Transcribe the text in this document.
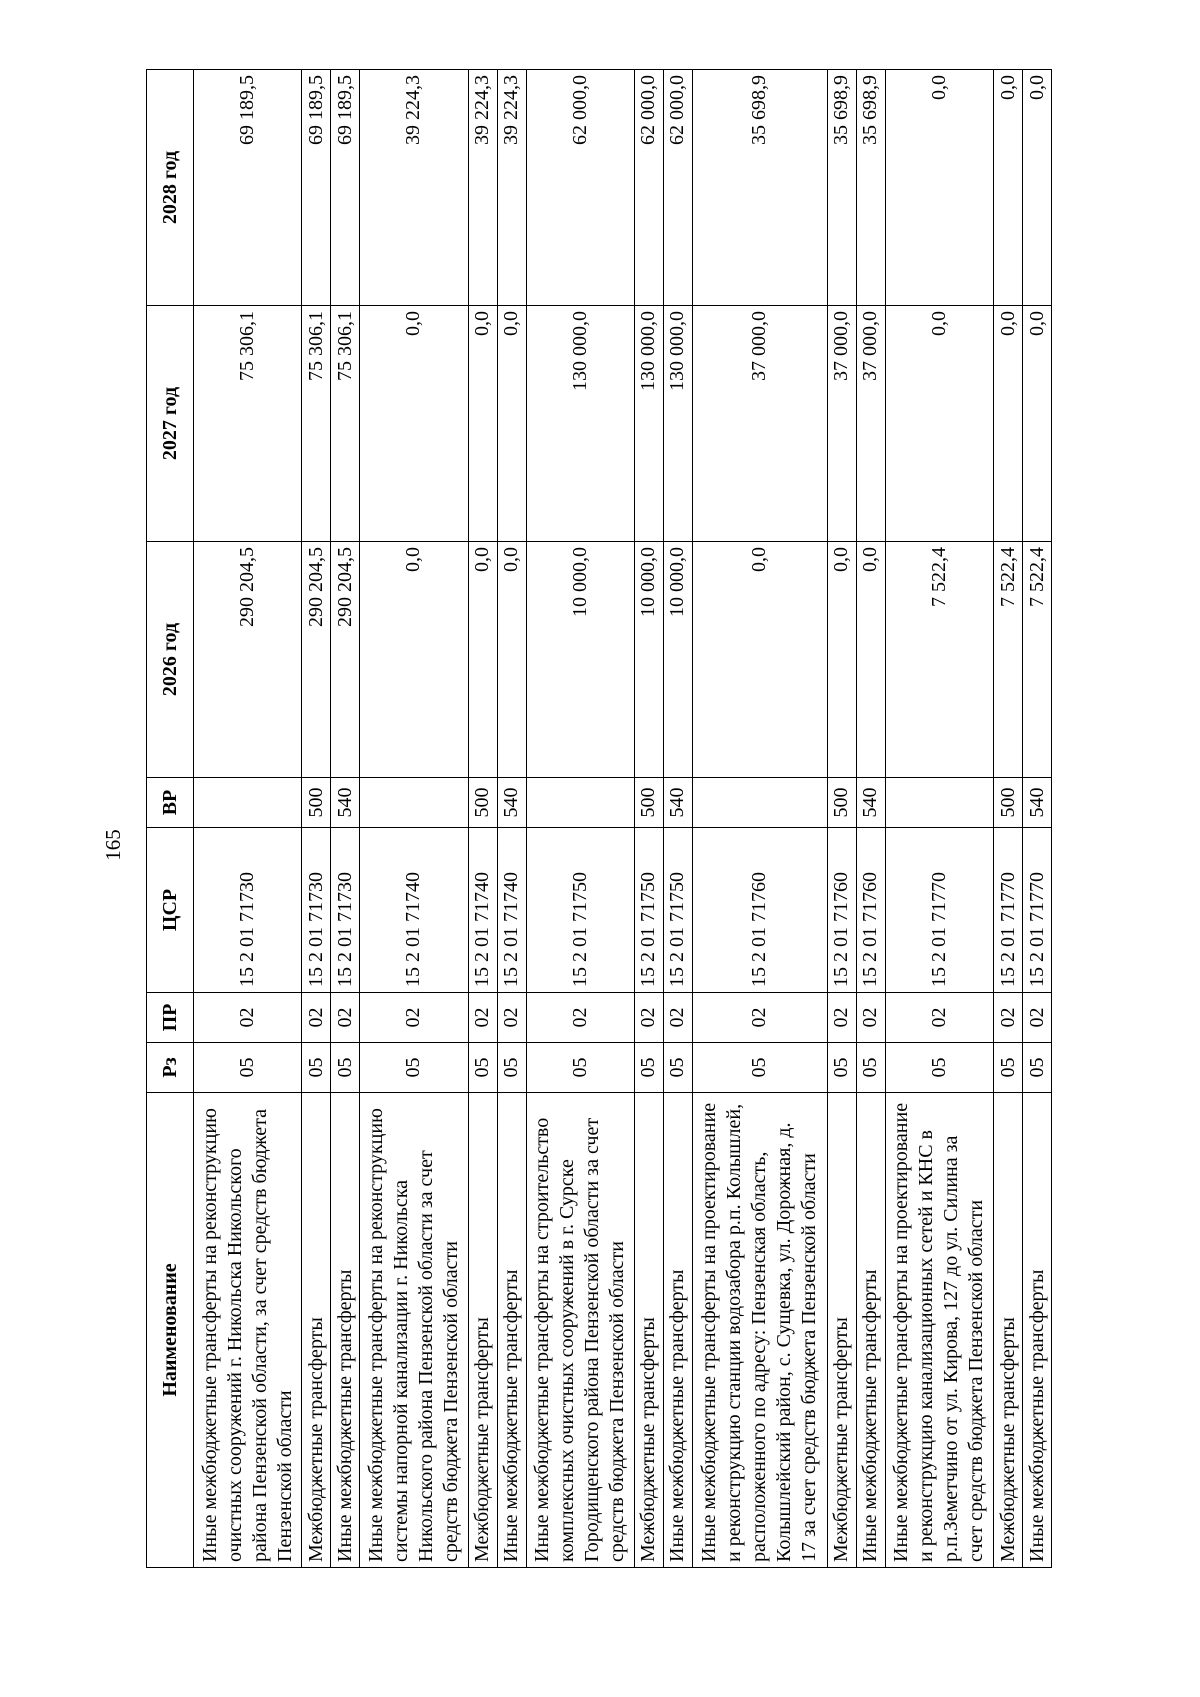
165
Наименование	Рз	ПР	ЦСР	ВР	2026 год	2027 год	2028 год
Иные межбюджетные трансферты на реконструкцию очистных сооружений г. Никольска Никольского района Пензенской области, за счет средств бюджета Пензенской области	05	02	15 2 01 71730		290 204,5	75 306,1	69 189,5
Межбюджетные трансферты	05	02	15 2 01 71730	500	290 204,5	75 306,1	69 189,5
Иные межбюджетные трансферты	05	02	15 2 01 71730	540	290 204,5	75 306,1	69 189,5
Иные межбюджетные трансферты на реконструкцию системы напорной канализации г. Никольска Никольского района Пензенской области за счет средств бюджета Пензенской области	05	02	15 2 01 71740		0,0	0,0	39 224,3
Межбюджетные трансферты	05	02	15 2 01 71740	500	0,0	0,0	39 224,3
Иные межбюджетные трансферты	05	02	15 2 01 71740	540	0,0	0,0	39 224,3
Иные межбюджетные трансферты на строительство комплексных очистных сооружений в г. Сурске Городищенского района Пензенской области за счет средств бюджета Пензенской области	05	02	15 2 01 71750		10 000,0	130 000,0	62 000,0
Межбюджетные трансферты	05	02	15 2 01 71750	500	10 000,0	130 000,0	62 000,0
Иные межбюджетные трансферты	05	02	15 2 01 71750	540	10 000,0	130 000,0	62 000,0
Иные межбюджетные трансферты на проектирование и реконструкцию станции водозабора р.п. Колышлей, расположенного по адресу: Пензенская область, Колышлейский район, с. Сущевка, ул. Дорожная, д. 17 за счет средств бюджета Пензенской области	05	02	15 2 01 71760		0,0	37 000,0	35 698,9
Межбюджетные трансферты	05	02	15 2 01 71760	500	0,0	37 000,0	35 698,9
Иные межбюджетные трансферты	05	02	15 2 01 71760	540	0,0	37 000,0	35 698,9
Иные межбюджетные трансферты на проектирование и реконструкцию канализационных сетей и КНС в р.п.Земетчино от ул. Кирова, 127 до ул. Силина за счет средств бюджета Пензенской области	05	02	15 2 01 71770		7 522,4	0,0	0,0
Межбюджетные трансферты	05	02	15 2 01 71770	500	7 522,4	0,0	0,0
Иные межбюджетные трансферты	05	02	15 2 01 71770	540	7 522,4	0,0	0,0
